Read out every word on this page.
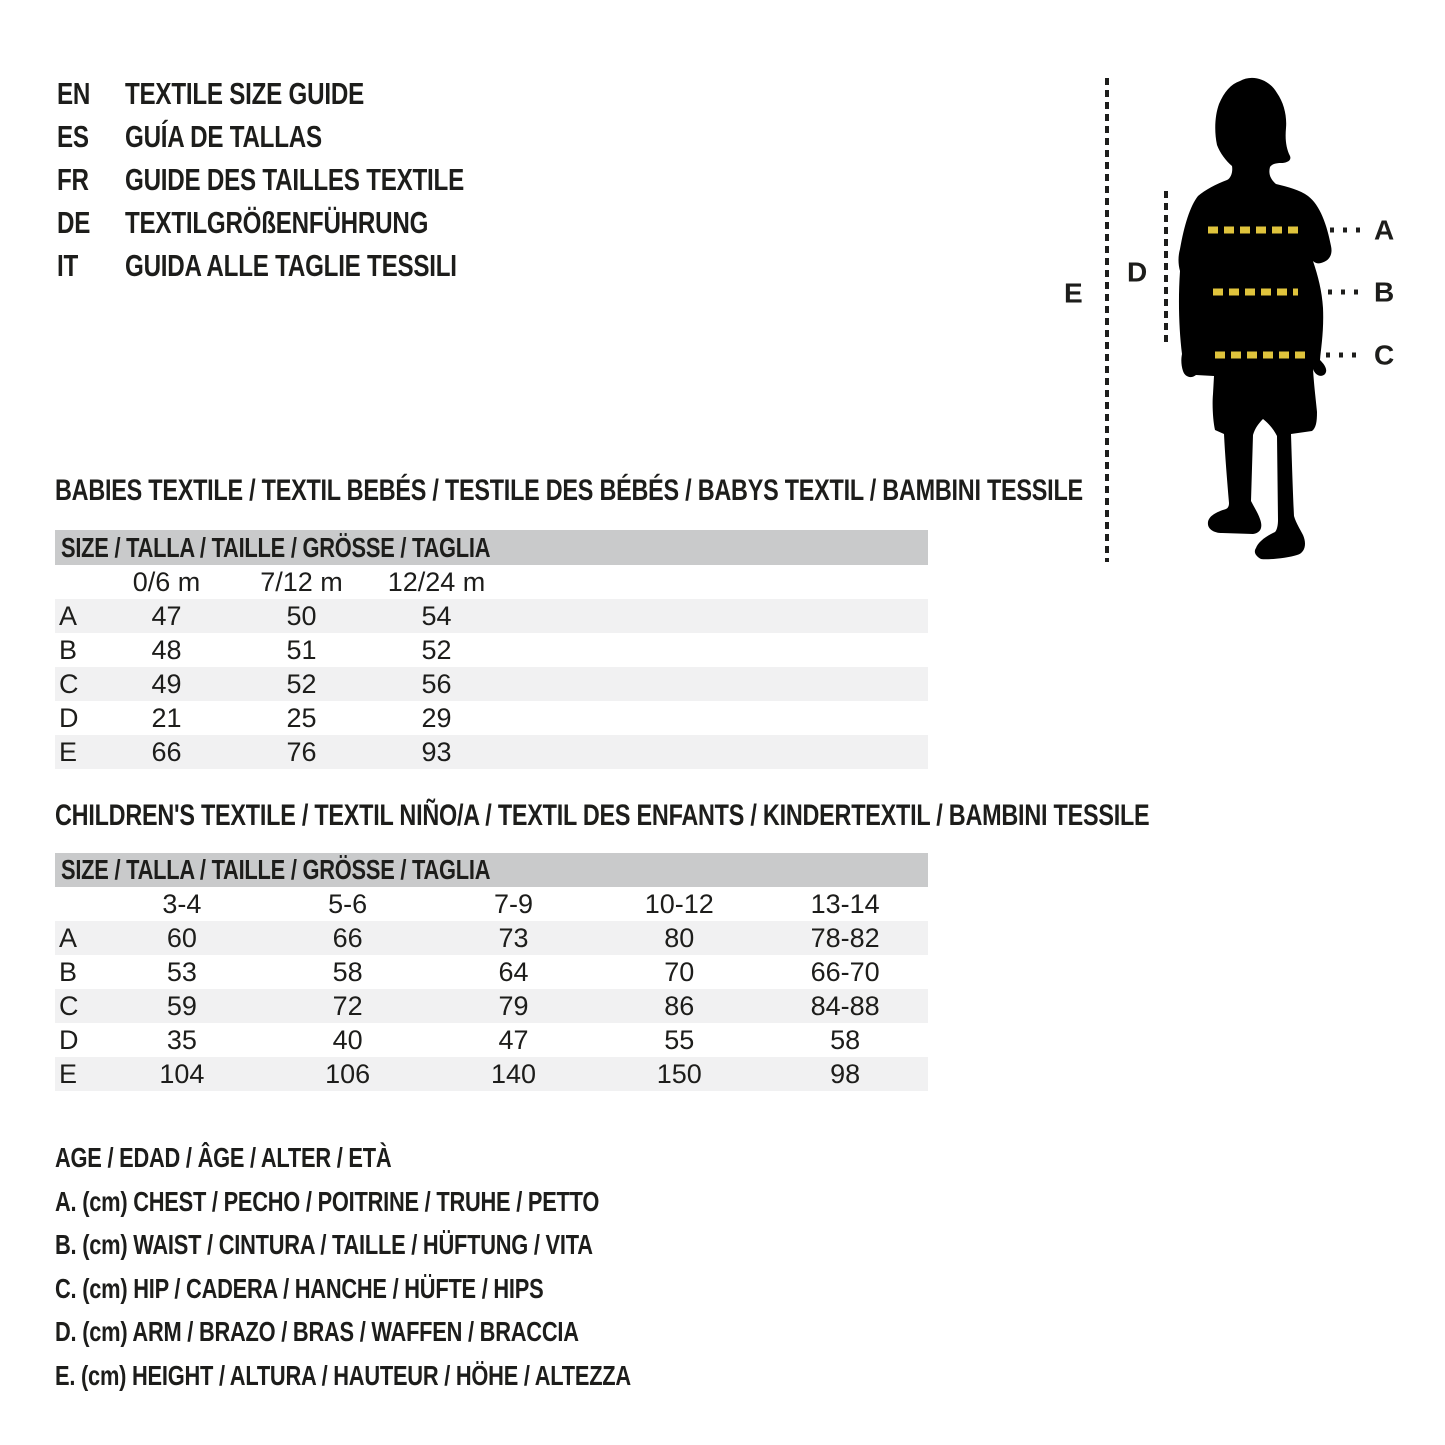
EN	TEXTILE SIZE GUIDE
ES GUÍA DE TALLAS
FR GUIDE DES TAILLES TEXTILE
DE	TEXTILGRÖßENFÜHRUNG
IT GUIDA ALLE TAGLIE TESSILI
A
B
C
D
E
BABIES TEXTILE / TEXTIL BEBÉS / TESTILE DES BÉBÉS / BABYS TEXTIL / BAMBINI TESSILE
SIZE / TALLA / TAILLE / GRÖSSE / TAGLIA
0/6 m	7/12 m	12/24 m
A	47	50	54
B	48	51	52
C	49	52	56
D	21	25	29
E	66	76	93
CHILDREN'S TEXTILE / TEXTIL NIÑO/A / TEXTIL DES ENFANTS / KINDERTEXTIL / BAMBINI TESSILE
SIZE / TALLA / TAILLE / GRÖSSE / TAGLIA
3-4	5-6	7-9	10-12	13-14
A	60	66	73	80	78-82
B	53	58	64	70	66-70
C	59	72	79	86	84-88
D	35	40	47	55	58
E	104	106	140	150	98
AGE / EDAD / ÂGE / ALTER / ETÀ
A. (cm) CHEST / PECHO / POITRINE / TRUHE / PETTO
B. (cm) WAIST / CINTURA / TAILLE / HÜFTUNG / VITA
C. (cm) HIP / CADERA / HANCHE / HÜFTE / HIPS
D. (cm) ARM / BRAZO / BRAS / WAFFEN / BRACCIA
E. (cm) HEIGHT / ALTURA / HAUTEUR / HÖHE / ALTEZZA
